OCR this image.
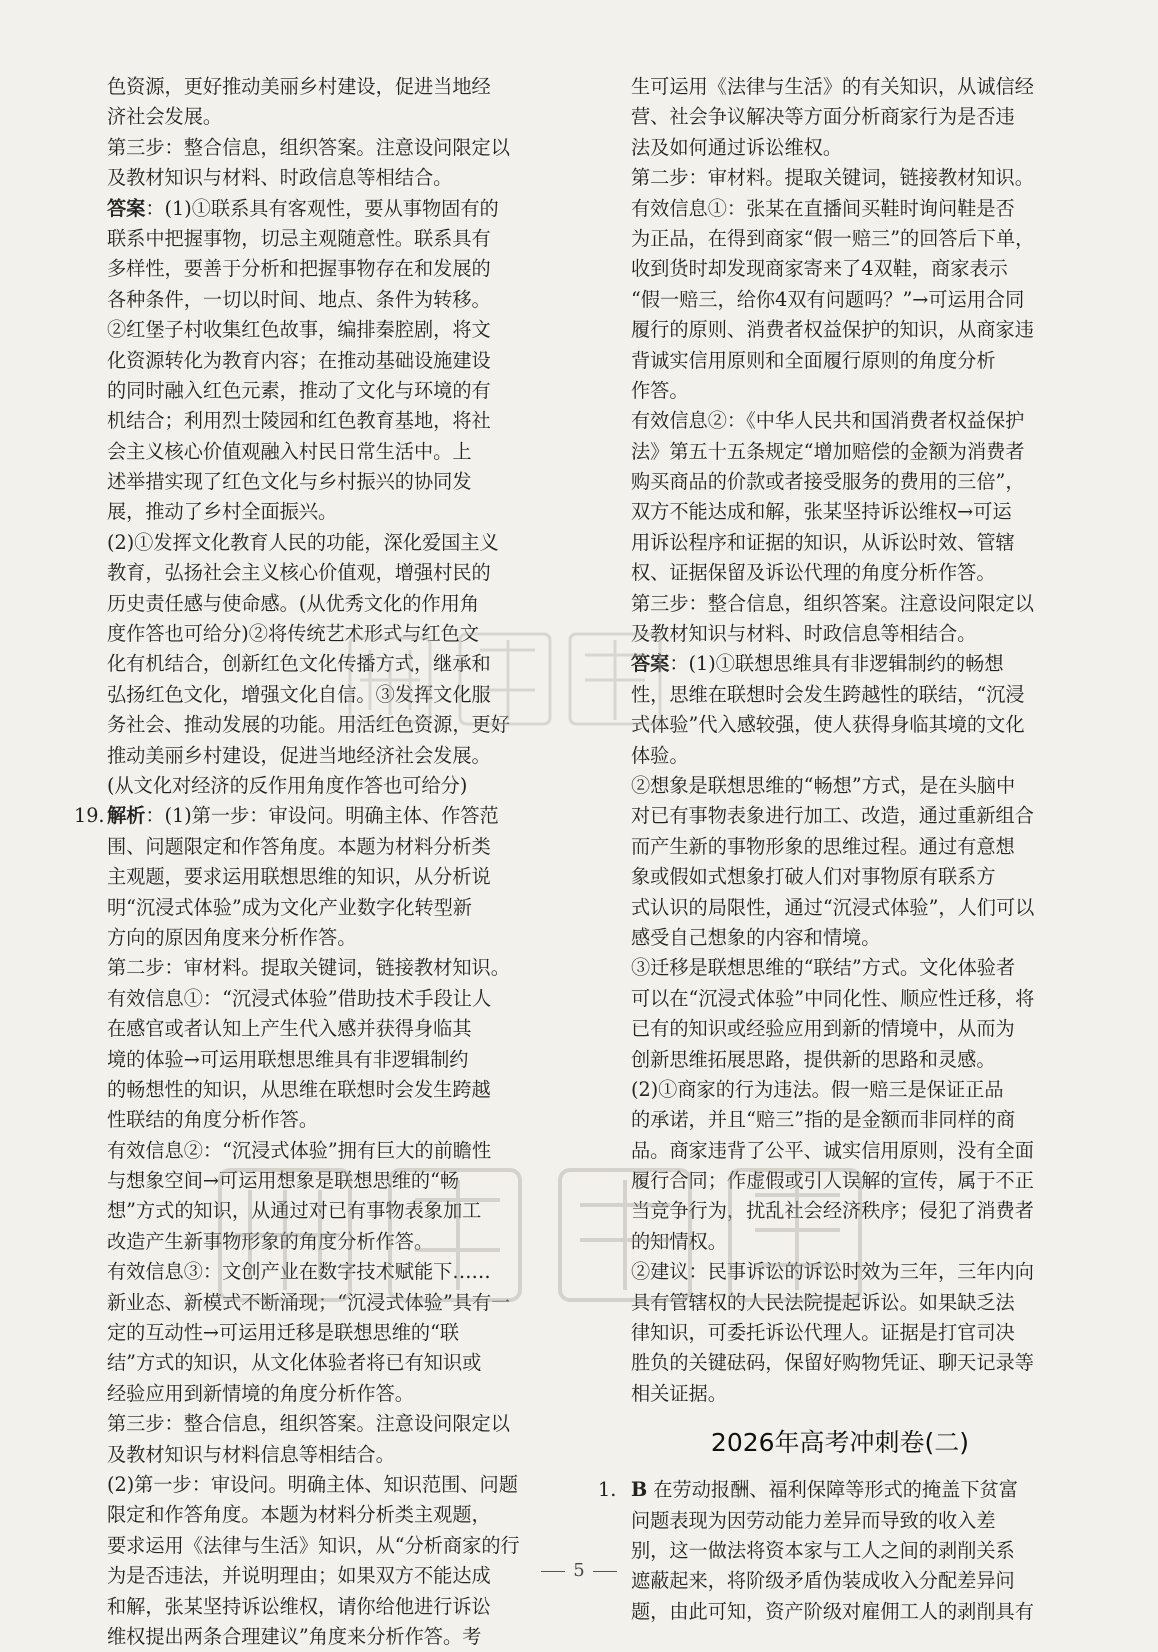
色资源，更好推动美丽乡村建设，促进当地经
济社会发展。
第三步：整合信息，组织答案。注意设问限定以
及教材知识与材料、时政信息等相结合。
答案：(1)①联系具有客观性，要从事物固有的
联系中把握事物，切忌主观随意性。联系具有
多样性，要善于分析和把握事物存在和发展的
各种条件，一切以时间、地点、条件为转移。
②红堡子村收集红色故事，编排秦腔剧，将文
化资源转化为教育内容；在推动基础设施建设
的同时融入红色元素，推动了文化与环境的有
机结合；利用烈士陵园和红色教育基地，将社
会主义核心价值观融入村民日常生活中。上
述举措实现了红色文化与乡村振兴的协同发
展，推动了乡村全面振兴。
(2)①发挥文化教育人民的功能，深化爱国主义
教育，弘扬社会主义核心价值观，增强村民的
历史责任感与使命感。(从优秀文化的作用角
度作答也可给分)②将传统艺术形式与红色文
化有机结合，创新红色文化传播方式，继承和
弘扬红色文化，增强文化自信。③发挥文化服
务社会、推动发展的功能。用活红色资源，更好
推动美丽乡村建设，促进当地经济社会发展。
(从文化对经济的反作用角度作答也可给分)
19. 解析：(1)第一步：审设问。明确主体、作答范
围、问题限定和作答角度。本题为材料分析类
主观题，要求运用联想思维的知识，从分析说
明“沉浸式体验”成为文化产业数字化转型新
方向的原因角度来分析作答。
第二步：审材料。提取关键词，链接教材知识。
有效信息①：“沉浸式体验”借助技术手段让人
在感官或者认知上产生代入感并获得身临其
境的体验→可运用联想思维具有非逻辑制约
的畅想性的知识，从思维在联想时会发生跨越
性联结的角度分析作答。
有效信息②：“沉浸式体验”拥有巨大的前瞻性
与想象空间→可运用想象是联想思维的“畅
想”方式的知识，从通过对已有事物表象加工
改造产生新事物形象的角度分析作答。
有效信息③：文创产业在数字技术赋能下……
新业态、新模式不断涌现；“沉浸式体验”具有一
定的互动性→可运用迁移是联想思维的“联
结”方式的知识，从文化体验者将已有知识或
经验应用到新情境的角度分析作答。
第三步：整合信息，组织答案。注意设问限定以
及教材知识与材料信息等相结合。
(2)第一步：审设问。明确主体、知识范围、问题
限定和作答角度。本题为材料分析类主观题，
要求运用《法律与生活》知识，从“分析商家的行
为是否违法，并说明理由；如果双方不能达成
和解，张某坚持诉讼维权，请你给他进行诉讼
维权提出两条合理建议”角度来分析作答。考
生可运用《法律与生活》的有关知识，从诚信经
营、社会争议解决等方面分析商家行为是否违
法及如何通过诉讼维权。
第二步：审材料。提取关键词，链接教材知识。
有效信息①：张某在直播间买鞋时询问鞋是否
为正品，在得到商家“假一赔三”的回答后下单，
收到货时却发现商家寄来了4双鞋，商家表示
“假一赔三，给你4双有问题吗？”→可运用合同
履行的原则、消费者权益保护的知识，从商家违
背诚实信用原则和全面履行原则的角度分析
作答。
有效信息②：《中华人民共和国消费者权益保护
法》第五十五条规定“增加赔偿的金额为消费者
购买商品的价款或者接受服务的费用的三倍”，
双方不能达成和解，张某坚持诉讼维权→可运
用诉讼程序和证据的知识，从诉讼时效、管辖
权、证据保留及诉讼代理的角度分析作答。
第三步：整合信息，组织答案。注意设问限定以
及教材知识与材料、时政信息等相结合。
答案：(1)①联想思维具有非逻辑制约的畅想
性，思维在联想时会发生跨越性的联结，“沉浸
式体验”代入感较强，使人获得身临其境的文化
体验。
②想象是联想思维的“畅想”方式，是在头脑中
对已有事物表象进行加工、改造，通过重新组合
而产生新的事物形象的思维过程。通过有意想
象或假如式想象打破人们对事物原有联系方
式认识的局限性，通过“沉浸式体验”，人们可以
感受自己想象的内容和情境。
③迁移是联想思维的“联结”方式。文化体验者
可以在“沉浸式体验”中同化性、顺应性迁移，将
已有的知识或经验应用到新的情境中，从而为
创新思维拓展思路，提供新的思路和灵感。
(2)①商家的行为违法。假一赔三是保证正品
的承诺，并且“赔三”指的是金额而非同样的商
品。商家违背了公平、诚实信用原则，没有全面
履行合同；作虚假或引人误解的宣传，属于不正
当竞争行为，扰乱社会经济秩序；侵犯了消费者
的知情权。
②建议：民事诉讼的诉讼时效为三年，三年内向
具有管辖权的人民法院提起诉讼。如果缺乏法
律知识，可委托诉讼代理人。证据是打官司决
胜负的关键砝码，保留好购物凭证、聊天记录等
相关证据。
2026年高考冲刺卷(二)
1. B 在劳动报酬、福利保障等形式的掩盖下贫富
问题表现为因劳动能力差异而导致的收入差
别，这一做法将资本家与工人之间的剥削关系
遮蔽起来，将阶级矛盾伪装成收入分配差异问
题，由此可知，资产阶级对雇佣工人的剥削具有
5
